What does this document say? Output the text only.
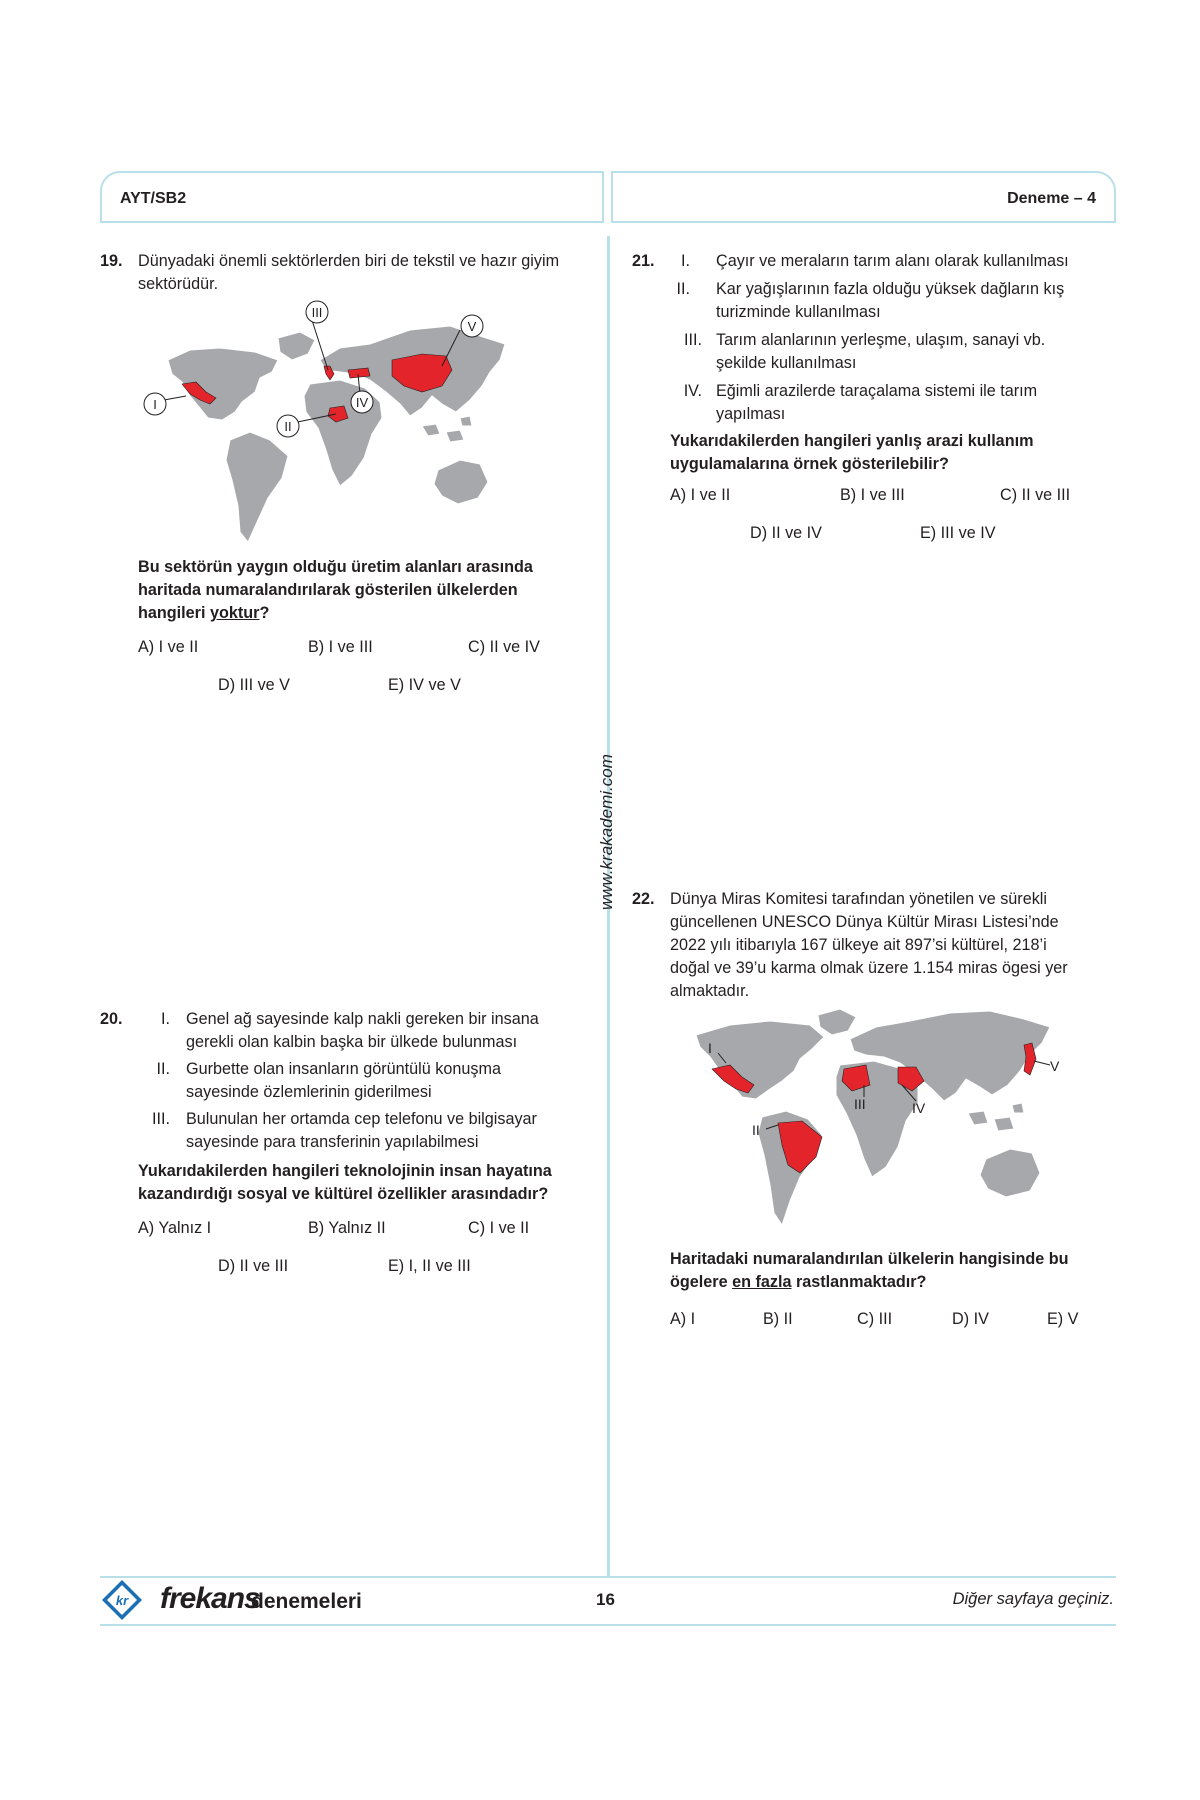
AYT/SB2	Deneme – 4
www.krakademi.com
19. Dünyadaki önemli sektörlerden biri de tekstil ve hazır giyim
sektörüdür.
I
II
III
IV
V
Bu sektörün yaygın olduğu üretim alanları arasında
haritada numaralandırılarak gösterilen ülkelerden
hangileri yoktur?
A) I ve II	B) I ve III	C) II ve IV
D) III ve V	E) IV ve V
20.	I. Genel ağ sayesinde kalp nakli gereken bir insana
gerekli olan kalbin başka bir ülkede bulunması
II. Gurbette olan insanların görüntülü konuşma
sayesinde özlemlerinin giderilmesi
III. Bulunulan her ortamda cep telefonu ve bilgisayar
sayesinde para transferinin yapılabilmesi
Yukarıdakilerden hangileri teknolojinin insan hayatına
kazandırdığı sosyal ve kültürel özellikler arasındadır?
A) Yalnız I	B) Yalnız II	C) I ve II
D) II ve III	E) I, II ve III
21.	I. Çayır ve meraların tarım alanı olarak kullanılması
II. Kar yağışlarının fazla olduğu yüksek dağların kış
turizminde kullanılması
III. Tarım alanlarının yerleşme, ulaşım, sanayi vb.
şekilde kullanılması
IV. Eğimli arazilerde taraçalama sistemi ile tarım
yapılması
Yukarıdakilerden hangileri yanlış arazi kullanım
uygulamalarına örnek gösterilebilir?
A) I ve II	B) I ve III	C) II ve III
D) II ve IV	E) III ve IV
22. Dünya Miras Komitesi tarafından yönetilen ve sürekli
güncellenen UNESCO Dünya Kültür Mirası Listesi’nde
2022 yılı itibarıyla 167 ülkeye ait 897’si kültürel, 218’i
doğal ve 39’u karma olmak üzere 1.154 miras ögesi yer
almaktadır.
I
II
III	IV
V
Haritadaki numaralandırılan ülkelerin hangisinde bu
ögelere en fazla rastlanmaktadır?
A) I	B) II	C) III	D) IV	E) V
kr frekans
denemeleri	16	Diğer sayfaya geçiniz.
